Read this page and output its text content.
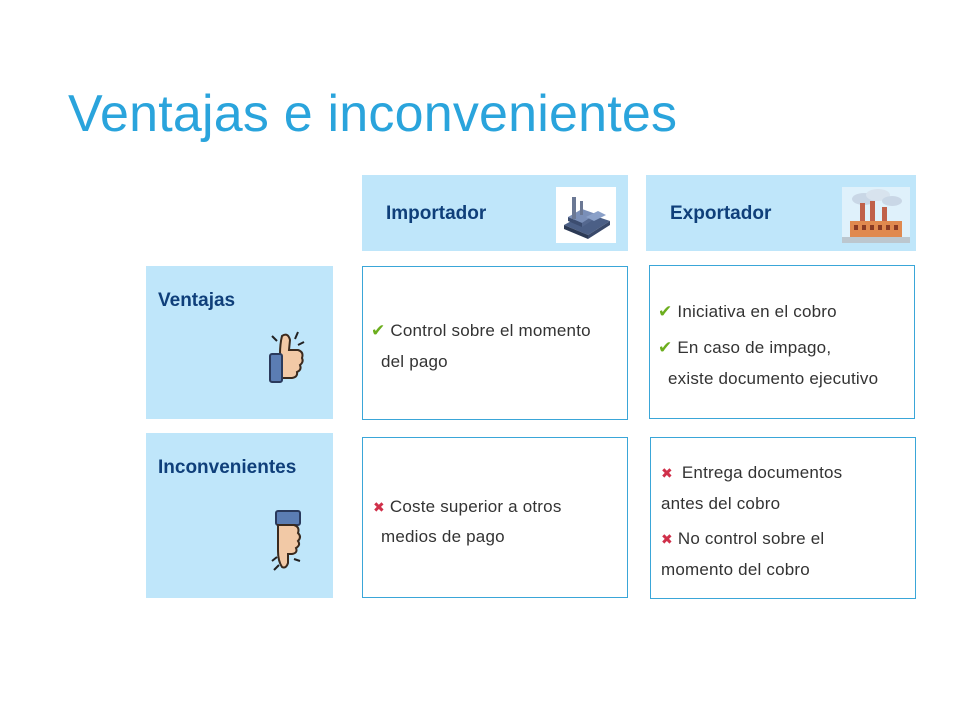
Ventajas e inconvenientes
Importador	Exportador
Ventajas
Inconvenientes
✔ Control sobre el momento
del pago
✔ Iniciativa en el cobro
✔ En caso de impago,
existe documento ejecutivo
✖ Coste superior a otros
medios de pago
✖ Entrega documentos
antes del cobro
✖ No control sobre el
momento del cobro
